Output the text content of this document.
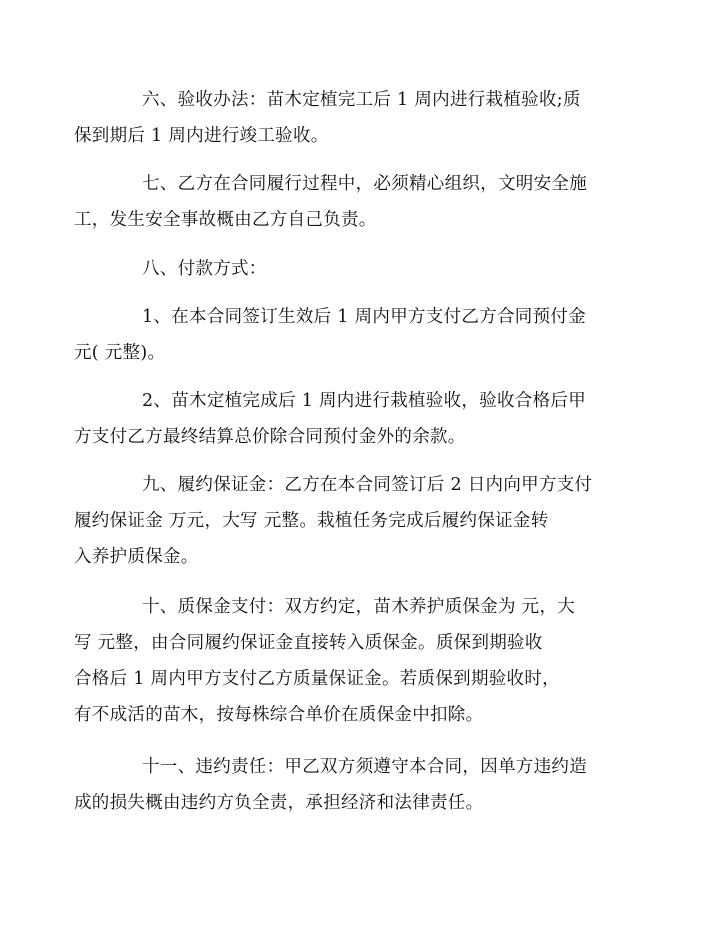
六、验收办法：苗木定植完工后 1 周内进行栽植验收;质
保到期后 1 周内进行竣工验收。
七、乙方在合同履行过程中，必须精心组织，文明安全施
工，发生安全事故概由乙方自己负责。
八、付款方式：
1、在本合同签订生效后 1 周内甲方支付乙方合同预付金
元( 元整)。
2、苗木定植完成后 1 周内进行栽植验收，验收合格后甲
方支付乙方最终结算总价除合同预付金外的余款。
九、履约保证金：乙方在本合同签订后 2 日内向甲方支付
履约保证金 万元，大写 元整。栽植任务完成后履约保证金转
入养护质保金。
十、质保金支付：双方约定，苗木养护质保金为 元，大
写 元整，由合同履约保证金直接转入质保金。质保到期验收
合格后 1 周内甲方支付乙方质量保证金。若质保到期验收时，
有不成活的苗木，按每株综合单价在质保金中扣除。
十一、违约责任：甲乙双方须遵守本合同，因单方违约造
成的损失概由违约方负全责，承担经济和法律责任。
